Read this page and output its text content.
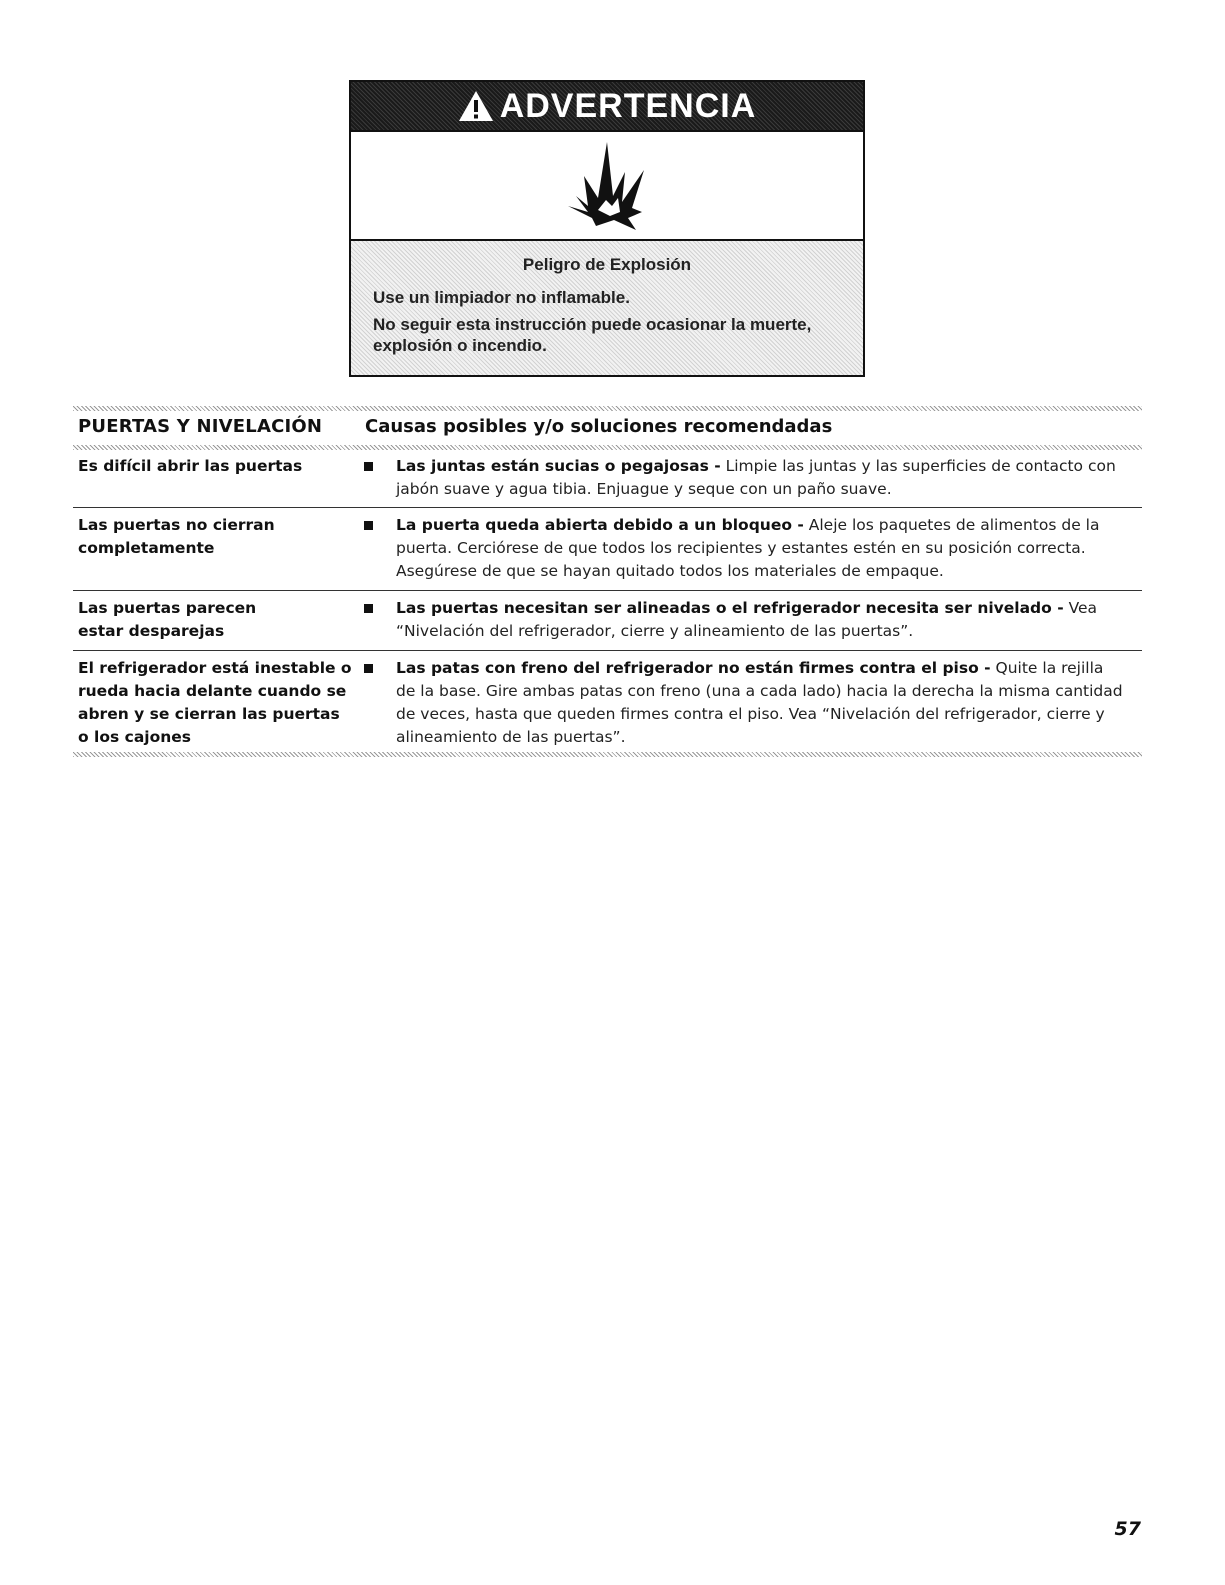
ADVERTENCIA
Peligro de Explosión
Use un limpiador no inflamable.
No seguir esta instrucción puede ocasionar la muerte, explosión o incendio.
PUERTAS Y NIVELACIÓN Causas posibles y/o soluciones recomendadas
Es difícil abrir las puertas	Las juntas están sucias o pegajosas - Limpie las juntas y las superficies de contacto con jabón suave y agua tibia. Enjuague y seque con un paño suave.
Las puertas no cierran completamente
La puerta queda abierta debido a un bloqueo - Aleje los paquetes de alimentos de la puerta. Cerciórese de que todos los recipientes y estantes estén en su posición correcta. Asegúrese de que se hayan quitado todos los materiales de empaque.
Las puertas parecen estar desparejas
Las puertas necesitan ser alineadas o el refrigerador necesita ser nivelado - Vea “Nivelación del refrigerador, cierre y alineamiento de las puertas”.
El refrigerador está inestable o rueda hacia delante cuando se abren y se cierran las puertas o los cajones
Las patas con freno del refrigerador no están firmes contra el piso - Quite la rejilla de la base. Gire ambas patas con freno (una a cada lado) hacia la derecha la misma cantidad de veces, hasta que queden firmes contra el piso. Vea “Nivelación del refrigerador, cierre y alineamiento de las puertas”.
57
